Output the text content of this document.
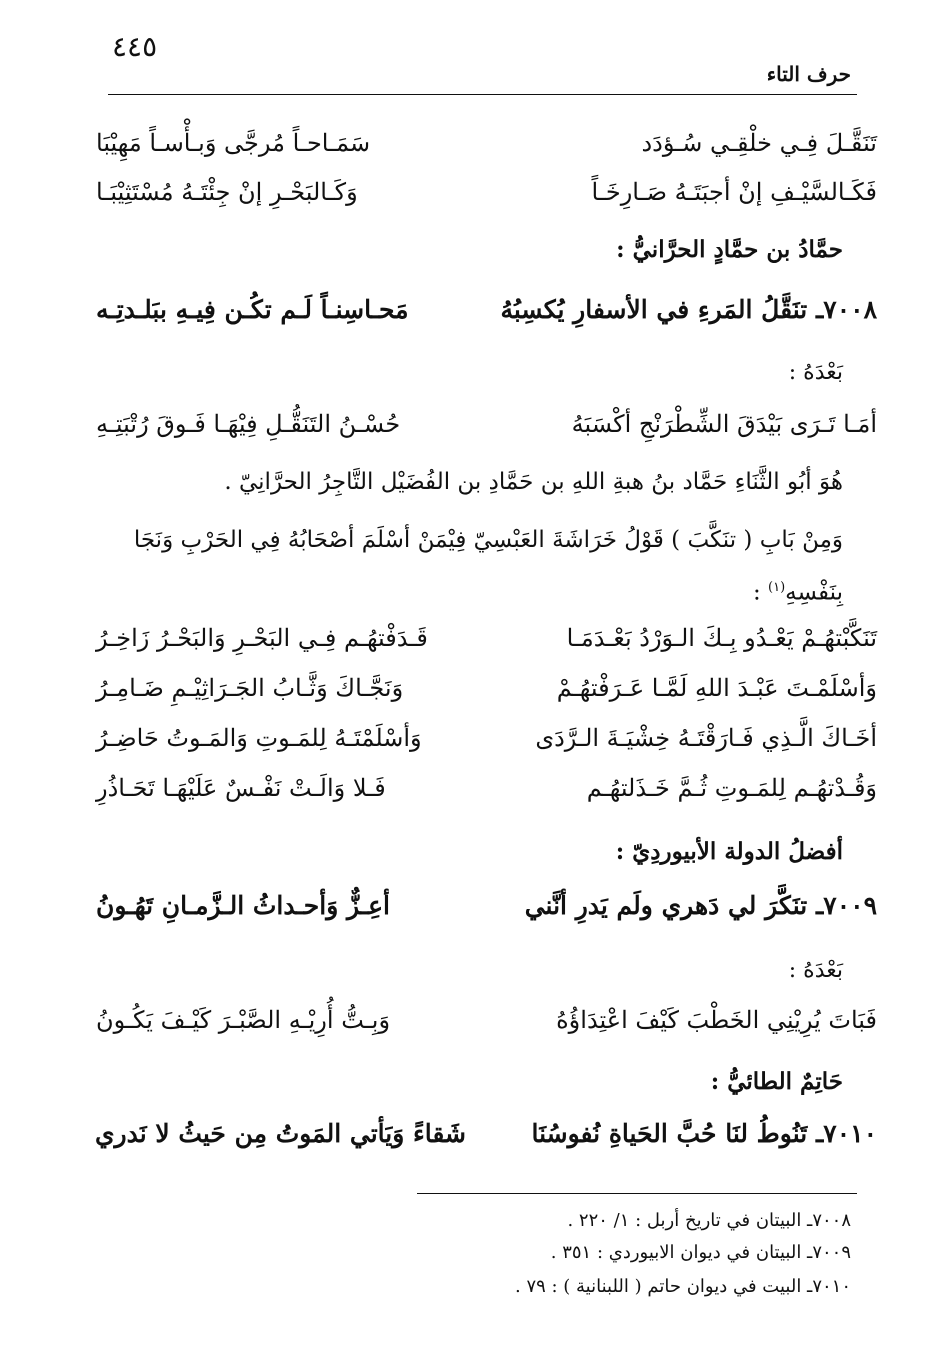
٤٤٥
حرف التاء
تَنَقَّـلَ فِـي خلْقِـي سُـؤدَد
سَمَـاحـاً مُرجَّى وَبـأْسـاً مَهِيْبَا
فَكَـالسَّيْـفِ إنْ أجبَتَـهُ صَـارِخَـاً
وَكَـالبَحْـرِ إنْ جِئْتَـهُ مُسْتَثِيْبَـا
حمَّادُ بن حمَّادٍ الحرَّانيُّ :
٧٠٠٨ـ تنَقَّلُ المَرءِ في الأسفارِ يُكسِبُهُ
مَحـاسِنـاً لَـم تكُـن فِيـهِ ببَلـدتِـه
بَعْدَهُ :
أمَـا تَـرَى بَيْدَقَ الشِّطْرَنْجِ أكْسَبَهُ
حُسْـنُ التَنَقُّـلِ فِيْهَـا فَـوقَ رُتْبَتِـهِ
هُوَ أبُو الثَّنَاءِ حَمَّاد بنُ هبةِ اللهِ بن حَمَّادِ بن الفُضَيْل التَّاجِرُ الحرَّانِيّ .
وَمِنْ بَابِ ( تنَكَّبَ ) قَوْلُ خَرَاشَةَ العَبْسِيّ فِيْمَنْ أسْلَمَ أصْحَابُهُ فِي الحَرْبِ وَنَجَا
بِنَفْسِهِ$^{(١)}$ :
تَنَكَّبْتهُـمْ يَعْـدُو بِـكَ الـوَرْدُ بَعْـدَمَـا
قَـدَفْتهُـم فِـي البَحْـرِ وَالبَحْـرُ زَاخِـرُ
وَأسْلَمْـتَ عَبْـدَ اللهِ لَمَّـا عَـرَفْتهُـمْ
وَنَجَّـاكَ وَثَّـابُ الجَـرَاثِيْـمِ ضَـامِـرُ
أخَـاكَ الَّـذِي فَـارَقْتَـهُ خِشْيَـةَ الـرَّدَى
وَأسْلَمْتَـهُ لِلمَـوتِ وَالمَـوتُ حَاضِـرُ
وَقُـدْتهُـم لِلمَـوتِ ثُـمَّ خَـذَلتهُـم
فَـلا وَالَـتْ نَفْـسٌ عَلَيْهَـا تَحَـاذُرِ
أفضلُ الدولة الأبيوردِيّ :
٧٠٠٩ـ تنَكَّرَ لي دَهري ولَم يَدرِ أنَّني
أعِـزٌّ وَأحـداثُ الـزَّمـانِ تَهُـونُ
بَعْدَهُ :
فَبَاتَ يُرِيْنِي الخَطْبَ كَيْفَ اعْتِدَاؤُهُ
وَبِـتُّ أُرِيْـهِ الصَّبْـرَ كَيْـفَ يَكُـونُ
حَاتِمٌ الطائيُّ :
٧٠١٠ـ تَنُوطُ لنَا حُبَّ الحَياةِ نُفوسُنَا
شَقاءً وَيَأتي المَوتُ مِن حَيثُ لا نَدري
٧٠٠٨ـ البيتان في تاريخ أربل : ١/ ٢٢٠ .
٧٠٠٩ـ البيتان في ديوان الابيوردي : ٣٥١ .
٧٠١٠ـ البيت في ديوان حاتم ( اللبنانية ) : ٧٩ .
